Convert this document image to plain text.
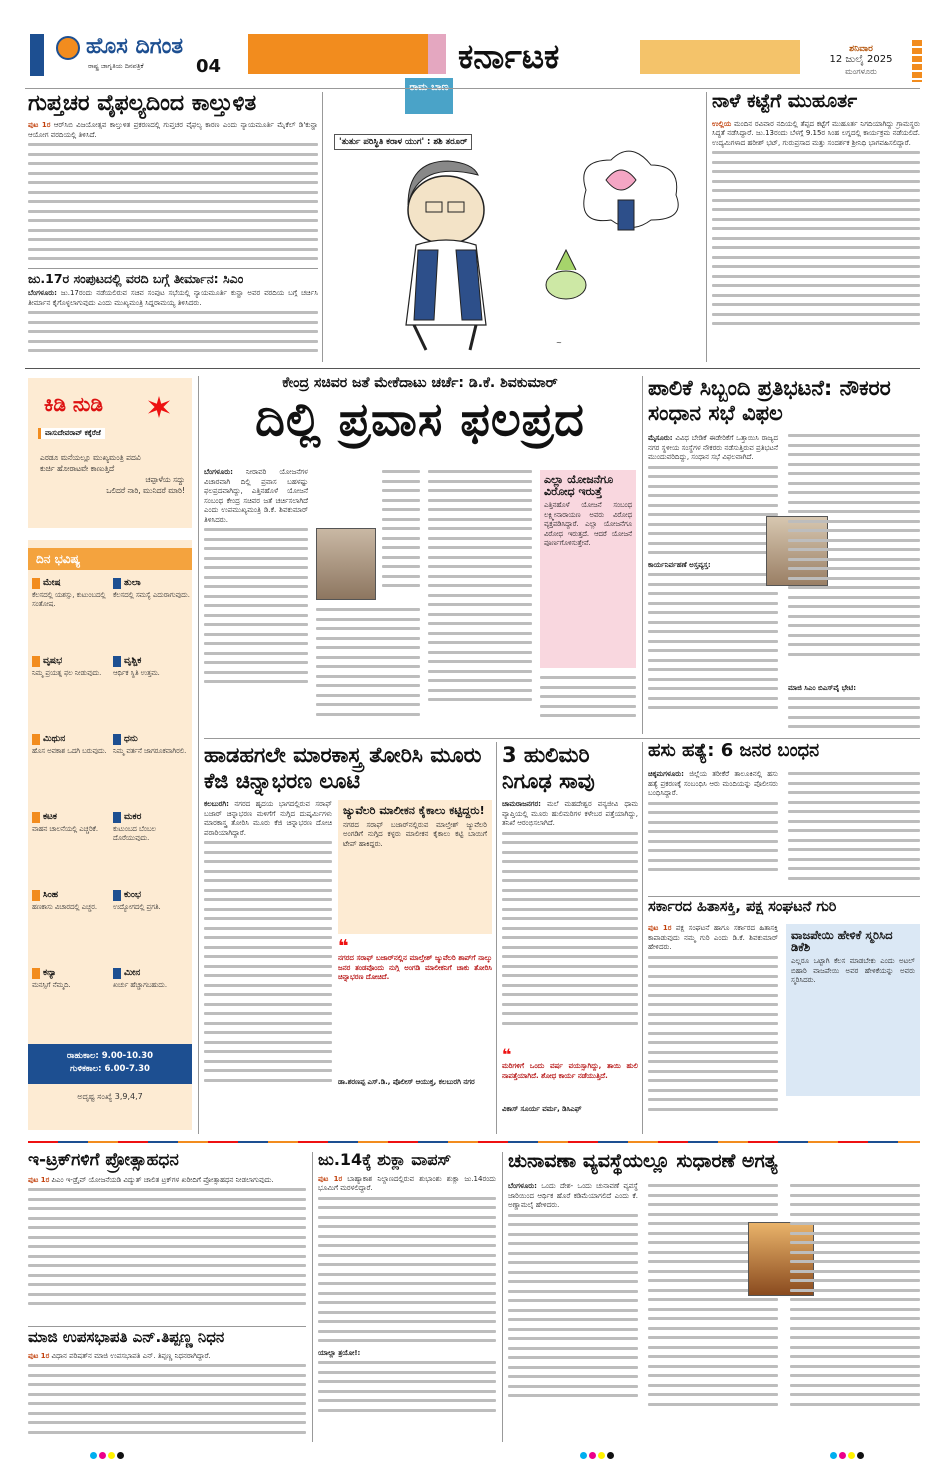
ಹೊಸ ದಿಗಂತ
ರಾಷ್ಟ್ರ ಜಾಗೃತಿಯ ದಿನಪತ್ರಿಕೆ	04	ಕರ್ನಾಟಕ	ಶನಿವಾರ
12 ಜುಲೈ 2025
ಮಂಗಳೂರು
ಗುಪ್ತಚರ ವೈಫಲ್ಯದಿಂದ ಕಾಲ್ತುಳಿತ
ಪುಟ 1ರ ಆರ್‌ಸಿಬಿ ವಿಜಯೋತ್ಸವ ಕಾಲ್ತುಳಿತ ಪ್ರಕರಣದಲ್ಲಿ ಗುಪ್ತಚರ ವೈಫಲ್ಯ ಕಾರಣ ಎಂದು ನ್ಯಾಯಮೂರ್ತಿ ಮೈಕೆಲ್ ಡಿ'ಕುನ್ಹಾ ಆಯೋಗ ವರದಿಯಲ್ಲಿ ತಿಳಿಸಿದೆ.
ಜು.17ರ ಸಂಪುಟದಲ್ಲಿ ವರದಿ ಬಗ್ಗೆ ತೀರ್ಮಾನ: ಸಿಎಂ
ಬೆಂಗಳೂರು: ಜು.17ರಂದು ನಡೆಯಲಿರುವ ಸಚಿವ ಸಂಪುಟ ಸಭೆಯಲ್ಲಿ ನ್ಯಾಯಮೂರ್ತಿ ಕುನ್ಹಾ ಅವರ ವರದಿಯ ಬಗ್ಗೆ ಚರ್ಚಿಸಿ ತೀರ್ಮಾನ ಕೈಗೊಳ್ಳಲಾಗುವುದು ಎಂದು ಮುಖ್ಯಮಂತ್ರಿ ಸಿದ್ದರಾಮಯ್ಯ ತಿಳಿಸಿದರು.
'ತುರ್ತು ಪರಿಸ್ಥಿತಿ ಕರಾಳ ಯುಗ' : ಶಶಿ ತರೂರ್
~
ನಾಳೆ ಕಟ್ಟೆಗೆ ಮುಹೂರ್ತ
ಉಲ್ಲಿಯ ಮಂದಿನ ರವಿವಾರ ನದಿಯಲ್ಲಿ ತೆಪ್ಪದ ಕಟ್ಟೆಗೆ ಮುಹೂರ್ತ ನಿಗದಿಯಾಗಿದ್ದು ಗ್ರಾಮಸ್ಥರು ಸಿದ್ಧತೆ ನಡೆಸಿದ್ದಾರೆ. ಜು.13ರಂದು ಬೆಳಗ್ಗೆ 9.15ರ ಸಿಂಹ ಲಗ್ನದಲ್ಲಿ ಕಾರ್ಯಕ್ರಮ ನಡೆಯಲಿದೆ. ಉದ್ಯಮಿಗಳಾದ ಹರೀಶ್ ಭಟ್, ಗುರುಪ್ರಸಾದ ಮತ್ತು ಸಂದರ್ಶಕ ಶ್ರೀನಿಧಿ ಭಾಗವಹಿಸಲಿದ್ದಾರೆ.
ಕಿಡಿ ನುಡಿ
ವಾಸುದೇವರಾವ್ ಕಕ್ಕೆರೆಜೆ
ಎರಡೂ ಮನೆಯಲ್ಲೂ ಮುಖ್ಯಮಂತ್ರಿ ಪದವಿ
ಕುರ್ಚಿ ಹೋರಾಟವೇ ಕಾಣುತ್ತಿದೆ
ಚಪ್ಪಾಳೆಯ ಸದ್ದು
ಒಲಿದರೆ ನಾರಿ, ಮುನಿದರೆ ಮಾರಿ!
ದಿನ ಭವಿಷ್ಯ
ಮೇಷ
ಕೆಲಸದಲ್ಲಿ ಯಶಸ್ಸು, ಕುಟುಂಬದಲ್ಲಿ ಸಂತೋಷ.
ತುಲಾ
ಕೆಲಸದಲ್ಲಿ ಸಮಸ್ಯೆ ಎದುರಾಗುವುದು.
ವೃಷಭ
ನಿಮ್ಮ ಪ್ರಯತ್ನ ಫಲ ನೀಡುವುದು.
ವೃಶ್ಚಿಕ
ಆರ್ಥಿಕ ಸ್ಥಿತಿ ಉತ್ತಮ.
ಮಿಥುನ
ಹೊಸ ಅವಕಾಶ ಒದಗಿ ಬರುವುದು.
ಧನು
ನಿಮ್ಮ ವರ್ತನೆ ಜಾಗರೂಕವಾಗಿರಲಿ.
ಕಟಕ
ವಾಹನ ಚಾಲನೆಯಲ್ಲಿ ಎಚ್ಚರಿಕೆ.
ಮಕರ
ಕುಟುಂಬದ ಬೆಂಬಲ ದೊರೆಯುವುದು.
ಸಿಂಹ
ಹಣಕಾಸು ವಿಚಾರದಲ್ಲಿ ಎಚ್ಚರ.
ಕುಂಭ
ಉದ್ಯೋಗದಲ್ಲಿ ಪ್ರಗತಿ.
ಕನ್ಯಾ
ಮನಸ್ಸಿಗೆ ನೆಮ್ಮದಿ.
ಮೀನ
ಖರ್ಚು ಹೆಚ್ಚಾಗಬಹುದು.
ರಾಹುಕಾಲ: 9.00-10.30
ಗುಳಿಕಕಾಲ: 6.00-7.30
ಅದೃಷ್ಟ ಸಂಖ್ಯೆ 3,9,4,7
ಕೇಂದ್ರ ಸಚಿವರ ಜತೆ ಮೇಕೆದಾಟು ಚರ್ಚೆ: ಡಿ.ಕೆ. ಶಿವಕುಮಾರ್
ದಿಲ್ಲಿ ಪ್ರವಾಸ ಫಲಪ್ರದ
ಬೆಂಗಳೂರು: ನೀರಾವರಿ ಯೋಜನೆಗಳ ವಿಚಾರವಾಗಿ ದಿಲ್ಲಿ ಪ್ರವಾಸ ಬಹಳಷ್ಟು ಫಲಪ್ರದವಾಗಿದ್ದು, ಎತ್ತಿನಹೊಳೆ ಯೋಜನೆ ಸಂಬಂಧ ಕೇಂದ್ರ ಸಚಿವರ ಜತೆ ಚರ್ಚಿಸಲಾಗಿದೆ ಎಂದು ಉಪಮುಖ್ಯಮಂತ್ರಿ ಡಿ.ಕೆ. ಶಿವಕುಮಾರ್ ತಿಳಿಸಿದರು.
ಎಲ್ಲಾ ಯೋಜನೆಗೂ ವಿರೋಧ ಇರುತ್ತೆ
ಎತ್ತಿನಹೊಳೆ ಯೋಜನೆ ಸಂಬಂಧ ಲಕ್ಷ್ಮೀನಾರಾಯಣ ಅವರು ವಿರೋಧ ವ್ಯಕ್ತಪಡಿಸಿದ್ದಾರೆ. ಎಲ್ಲಾ ಯೋಜನೆಗೂ ವಿರೋಧ ಇರುತ್ತದೆ. ಆದರೆ ಯೋಜನೆ ಪೂರ್ಣಗೊಳಿಸುತ್ತೇವೆ.
ಪಾಲಿಕೆ ಸಿಬ್ಬಂದಿ ಪ್ರತಿಭಟನೆ: ನೌಕರರ ಸಂಧಾನ ಸಭೆ ವಿಫಲ
ಮೈಸೂರು: ವಿವಿಧ ಬೇಡಿಕೆ ಈಡೇರಿಕೆಗೆ ಒತ್ತಾಯಿಸಿ ರಾಜ್ಯದ ನಗರ ಸ್ಥಳೀಯ ಸಂಸ್ಥೆಗಳ ನೌಕರರು ನಡೆಸುತ್ತಿರುವ ಪ್ರತಿಭಟನೆ ಮುಂದುವರಿದಿದ್ದು, ಸಂಧಾನ ಸಭೆ ವಿಫಲವಾಗಿದೆ.
ಕಾರ್ಯನಿರ್ವಹಣೆ ಅಸ್ತವ್ಯಸ್ತ:
ಮಾಜಿ ಸಿಎಂ ಬಿಎಸ್‌ವೈ ಭೇಟಿ:
ಹಾಡಹಗಲೇ ಮಾರಕಾಸ್ತ್ರ ತೋರಿಸಿ ಮೂರು ಕೆಜಿ ಚಿನ್ನಾಭರಣ ಲೂಟಿ
ಕಲಬುರಗಿ: ನಗರದ ಹೃದಯ ಭಾಗದಲ್ಲಿರುವ ಸರಾಫ್ ಬಜಾರ್ ಚಿನ್ನಾಭರಣ ಮಳಿಗೆಗೆ ನುಗ್ಗಿದ ದುಷ್ಕರ್ಮಿಗಳು ಮಾರಕಾಸ್ತ್ರ ತೋರಿಸಿ ಮೂರು ಕೆಜಿ ಚಿನ್ನಾಭರಣ ದೋಚಿ ಪರಾರಿಯಾಗಿದ್ದಾರೆ.
ಜ್ಯುವೆಲರಿ ಮಾಲೀಕನ ಕೈಕಾಲು ಕಟ್ಟಿದ್ದರು!
ನಗರದ ಸರಾಫ್ ಬಜಾರ್‌ನಲ್ಲಿರುವ ಮಾಲ್ತೇಶ್ ಜ್ಯುವೆಲರಿ ಅಂಗಡಿಗೆ ನುಗ್ಗಿದ ಕಳ್ಳರು ಮಾಲೀಕನ ಕೈಕಾಲು ಕಟ್ಟಿ ಬಾಯಿಗೆ ಟೇಪ್ ಹಾಕಿದ್ದರು.
❝
ನಗರದ ಸರಾಫ್ ಬಜಾರ್‌ನಲ್ಲಿನ ಮಾಲ್ತೇಶ್ ಜ್ಯುವೆಲರಿ ಶಾಪ್‌ಗೆ ನಾಲ್ಕು ಜನರ ತಂಡವೊಂದು ನುಗ್ಗಿ ಅಂಗಡಿ ಮಾಲೀಕನಿಗೆ ಚಾಕು ತೋರಿಸಿ ಚಿನ್ನಾಭರಣ ದೋಚಿದೆ.
ಡಾ.ಶರಣಪ್ಪ ಎಸ್.ಡಿ., ಪೊಲೀಸ್ ಆಯುಕ್ತ, ಕಲಬುರಗಿ ನಗರ
3 ಹುಲಿಮರಿ ನಿಗೂಢ ಸಾವು
ಚಾಮರಾಜನಗರ: ಮಲೆ ಮಹದೇಶ್ವರ ವನ್ಯಜೀವಿ ಧಾಮ ವ್ಯಾಪ್ತಿಯಲ್ಲಿ ಮೂರು ಹುಲಿಮರಿಗಳ ಕಳೇಬರ ಪತ್ತೆಯಾಗಿದ್ದು, ತನಿಖೆ ಆರಂಭಿಸಲಾಗಿದೆ.
❝
ಮರಿಗಳಿಗೆ ಒಂದು ವರ್ಷ ವಯಸ್ಸಾಗಿದ್ದು, ತಾಯಿ ಹುಲಿ ನಾಪತ್ತೆಯಾಗಿದೆ. ಶೋಧ ಕಾರ್ಯ ನಡೆಯುತ್ತಿದೆ.
ವಿಕಾಸ್ ಸೂರ್ಯ ವರ್ಮ, ಡಿಸಿಎಫ್
ಹಸು ಹತ್ಯೆ: 6 ಜನರ ಬಂಧನ
ಚಿಕ್ಕಮಗಳೂರು: ಜಿಲ್ಲೆಯ ತರೀಕೆರೆ ತಾಲೂಕಿನಲ್ಲಿ ಹಸು ಹತ್ಯೆ ಪ್ರಕರಣಕ್ಕೆ ಸಂಬಂಧಿಸಿ ಆರು ಮಂದಿಯನ್ನು ಪೊಲೀಸರು ಬಂಧಿಸಿದ್ದಾರೆ.
ಸರ್ಕಾರದ ಹಿತಾಸಕ್ತಿ, ಪಕ್ಷ ಸಂಘಟನೆ ಗುರಿ
ಪುಟ 1ರ ಪಕ್ಷ ಸಂಘಟನೆ ಹಾಗೂ ಸರ್ಕಾರದ ಹಿತಾಸಕ್ತಿ ಕಾಪಾಡುವುದು ನಮ್ಮ ಗುರಿ ಎಂದು ಡಿ.ಕೆ. ಶಿವಕುಮಾರ್ ಹೇಳಿದರು.
ವಾಜಪೇಯಿ ಹೇಳಿಕೆ ಸ್ಮರಿಸಿದ ಡಿಕೆಶಿ
ಎಲ್ಲರೂ ಒಟ್ಟಾಗಿ ಕೆಲಸ ಮಾಡಬೇಕು ಎಂದು ಅಟಲ್ ಬಿಹಾರಿ ವಾಜಪೇಯಿ ಅವರ ಹೇಳಿಕೆಯನ್ನು ಅವರು ಸ್ಮರಿಸಿದರು.
ಇ-ಟ್ರಕ್‌ಗಳಿಗೆ ಪ್ರೋತ್ಸಾಹಧನ
ಪುಟ 1ರ ಪಿಎಂ ಇ-ಡ್ರೈವ್ ಯೋಜನೆಯಡಿ ವಿದ್ಯುತ್ ಚಾಲಿತ ಟ್ರಕ್‌ಗಳ ಖರೀದಿಗೆ ಪ್ರೋತ್ಸಾಹಧನ ನೀಡಲಾಗುವುದು.
ಮಾಜಿ ಉಪಸಭಾಪತಿ ಎನ್.ತಿಪ್ಪಣ್ಣ ನಿಧನ
ಪುಟ 1ರ ವಿಧಾನ ಪರಿಷತ್‌ನ ಮಾಜಿ ಉಪಸಭಾಪತಿ ಎನ್. ತಿಪ್ಪಣ್ಣ ನಿಧನರಾಗಿದ್ದಾರೆ.
ಜು.14ಕ್ಕೆ ಶುಕ್ಲಾ ವಾಪಸ್
ಪುಟ 1ರ ಬಾಹ್ಯಾಕಾಶ ನಿಲ್ದಾಣದಲ್ಲಿರುವ ಶುಭಾಂಶು ಶುಕ್ಲಾ ಜು.14ರಂದು ಭೂಮಿಗೆ ಮರಳಲಿದ್ದಾರೆ.
ಯಾಲ್ಲಾ ತ್ರಯೋ!:
ಚುನಾವಣಾ ವ್ಯವಸ್ಥೆಯಲ್ಲೂ ಸುಧಾರಣೆ ಅಗತ್ಯ
ಬೆಂಗಳೂರು: ಒಂದು ದೇಶ- ಒಂದು ಚುನಾವಣೆ ವ್ಯವಸ್ಥೆ ಜಾರಿಯಿಂದ ಆರ್ಥಿಕ ಹೊರೆ ಕಡಿಮೆಯಾಗಲಿದೆ ಎಂದು ಕೆ. ಅಣ್ಣಾಮಲೈ ಹೇಳಿದರು.
